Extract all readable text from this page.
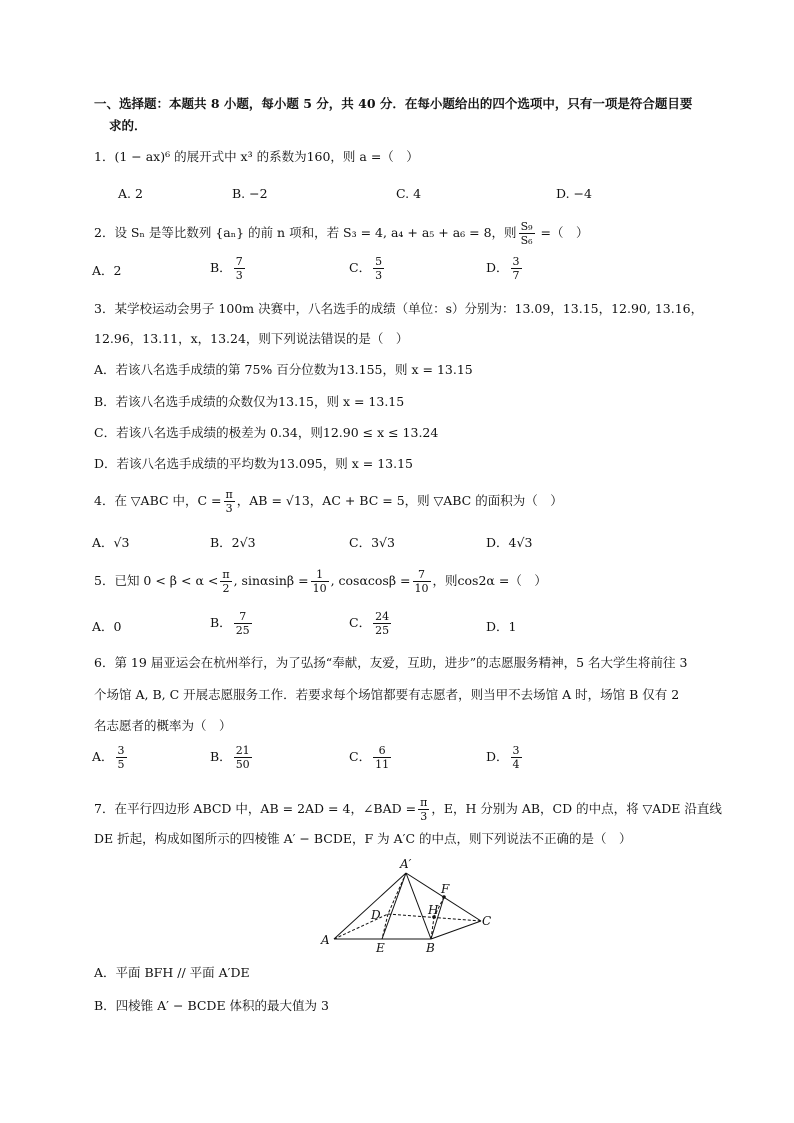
一、选择题：本题共 8 小题，每小题 5 分，共 40 分．在每小题给出的四个选项中，只有一项是符合题目要
求的．
1．(1 − ax)⁶ 的展开式中 x³ 的系数为160，则 a =（　）
A. 2	B. −2	C. 4	D. −4
2．设 Sₙ 是等比数列 {aₙ} 的前 n 项和，若 S₃ = 4, a₄ + a₅ + a₆ = 8，则 $\frac{\text{S₉}}{\text{S₆}}$ =（　）
A．2	B． $\frac{7}{3}$	C． $\frac{5}{3}$	D． $\frac{3}{7}$
3．某学校运动会男子 100m 决赛中，八名选手的成绩（单位：s）分别为：13.09，13.15，12.90, 13.16，
12.96，13.11，x，13.24，则下列说法错误的是（　）
A．若该八名选手成绩的第 75% 百分位数为13.155，则 x = 13.15
B．若该八名选手成绩的众数仅为13.15，则 x = 13.15
C．若该八名选手成绩的极差为 0.34，则12.90 ≤ x ≤ 13.24
D．若该八名选手成绩的平均数为13.095，则 x = 13.15
4．在 ▽ABC 中，$C = \frac{\pi}{3}$ ，AB = √13，AC + BC = 5，则 ▽ABC 的面积为（　）
A．√3	B．2√3	C．3√3	D．4√3
5．已知 $0 < \beta < \alpha < \frac{\pi}{2}$ , $\sin\alpha\sin\beta = \frac{1}{10}$ , $\cos\alpha\cos\beta = \frac{7}{10}$ ，则cos2α =（　）
A．0	B． $\frac{7}{25}$	C． $\frac{24}{25}$	D．1
6．第 19 届亚运会在杭州举行，为了弘扬“奉献，友爱，互助，进步”的志愿服务精神，5 名大学生将前往 3
个场馆 A, B, C 开展志愿服务工作．若要求每个场馆都要有志愿者，则当甲不去场馆 A 时，场馆 B 仅有 2
名志愿者的概率为（　）
A． $\frac{3}{5}$	B． $\frac{21}{50}$	C． $\frac{6}{11}$	D． $\frac{3}{4}$
7．在平行四边形 ABCD 中，AB = 2AD = 4，∠BAD = $\frac{\pi}{3}$ ，E，H 分别为 AB，CD 的中点，将 ▽ADE 沿直线
DE 折起，构成如图所示的四棱锥 A′ − BCDE，F 为 A′C 的中点，则下列说法不正确的是（　）
A′
F
D	H
C
A
E	B
A．平面 BFH // 平面 A′DE
B．四棱锥 A′ − BCDE 体积的最大值为 3
